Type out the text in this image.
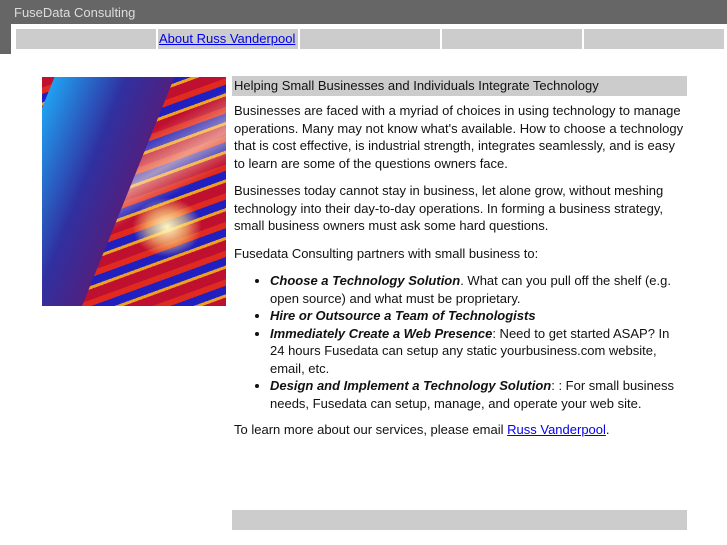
FuseData Consulting
About Russ Vanderpool
Helping Small Businesses and Individuals Integrate Technology

Businesses are faced with a myriad of choices in using technology to manage operations. Many may not know what's available. How to choose a technology that is cost effective, is industrial strength, integrates seamlessly, and is easy to learn are some of the questions owners face.

Businesses today cannot stay in business, let alone grow, without meshing technology into their day-to-day operations. In forming a business strategy, small business owners must ask some hard questions.

Fusedata Consulting partners with small business to:

• Choose a Technology Solution. What can you pull off the shelf (e.g. open source) and what must be proprietary.
• Hire or Outsource a Team of Technologists
• Immediately Create a Web Presence: Need to get started ASAP? In 24 hours Fusedata can setup any static yourbusiness.com website, email, etc.
• Design and Implement a Technology Solution: : For small business needs, Fusedata can setup, manage, and operate your web site.

To learn more about our services, please email Russ Vanderpool.
